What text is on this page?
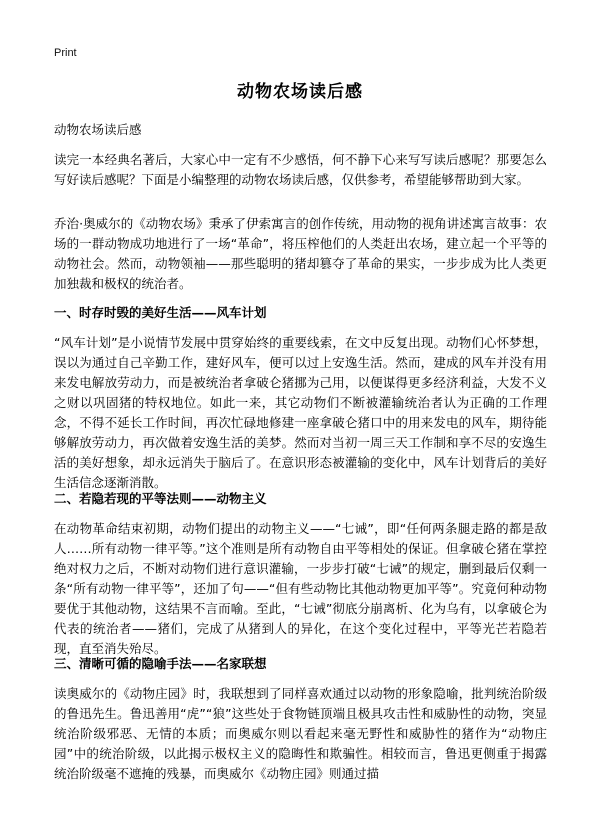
Print
动物农场读后感
动物农场读后感

读完一本经典名著后，大家心中一定有不少感悟，何不静下心来写写读后感呢？那要怎么写好读后感呢？下面是小编整理的动物农场读后感，仅供参考，希望能够帮助到大家。

乔治·奥威尔的《动物农场》秉承了伊索寓言的创作传统，用动物的视角讲述寓言故事：农场的一群动物成功地进行了一场“革命”，将压榨他们的人类赶出农场，建立起一个平等的动物社会。然而，动物领袖——那些聪明的猪却篡夺了革命的果实，一步步成为比人类更加独裁和极权的统治者。

一、时存时毁的美好生活——风车计划

“风车计划”是小说情节发展中贯穿始终的重要线索，在文中反复出现。动物们心怀梦想，误以为通过自己辛勤工作，建好风车，便可以过上安逸生活。然而，建成的风车并没有用来发电解放劳动力，而是被统治者拿破仑猪挪为己用，以便谋得更多经济利益，大发不义之财以巩固猪的特权地位。如此一来，其它动物们不断被灌输统治者认为正确的工作理念，不得不延长工作时间，再次忙碌地修建一座拿破仑猪口中的用来发电的风车，期待能够解放劳动力，再次做着安逸生活的美梦。然而对当初一周三天工作制和享不尽的安逸生活的美好想象，却永远消失于脑后了。在意识形态被灌输的变化中，风车计划背后的美好生活信念逐渐消散。

二、若隐若现的平等法则——动物主义

在动物革命结束初期，动物们提出的动物主义——“七诫”，即“任何两条腿走路的都是敌人……所有动物一律平等。”这个准则是所有动物自由平等相处的保证。但拿破仑猪在掌控绝对权力之后，不断对动物们进行意识灌输，一步步打破“七诫”的规定，删到最后仅剩一条“所有动物一律平等”，还加了句——“但有些动物比其他动物更加平等”。究竟何种动物要优于其他动物，这结果不言而喻。至此，“七诫”彻底分崩离析、化为乌有，以拿破仑为代表的统治者——猪们，完成了从猪到人的异化，在这个变化过程中，平等光芒若隐若现，直至消失殆尽。

三、清晰可循的隐喻手法——名家联想

读奥威尔的《动物庄园》时，我联想到了同样喜欢通过以动物的形象隐喻，批判统治阶级的鲁迅先生。鲁迅善用“虎”“狼”这些处于食物链顶端且极具攻击性和威胁性的动物，突显统治阶级邪恶、无情的本质；而奥威尔则以看起来毫无野性和威胁性的猪作为“动物庄园”中的统治阶级，以此揭示极权主义的隐晦性和欺骗性。相较而言，鲁迅更侧重于揭露统治阶级毫不遮掩的残暴，而奥威尔《动物庄园》则通过描
